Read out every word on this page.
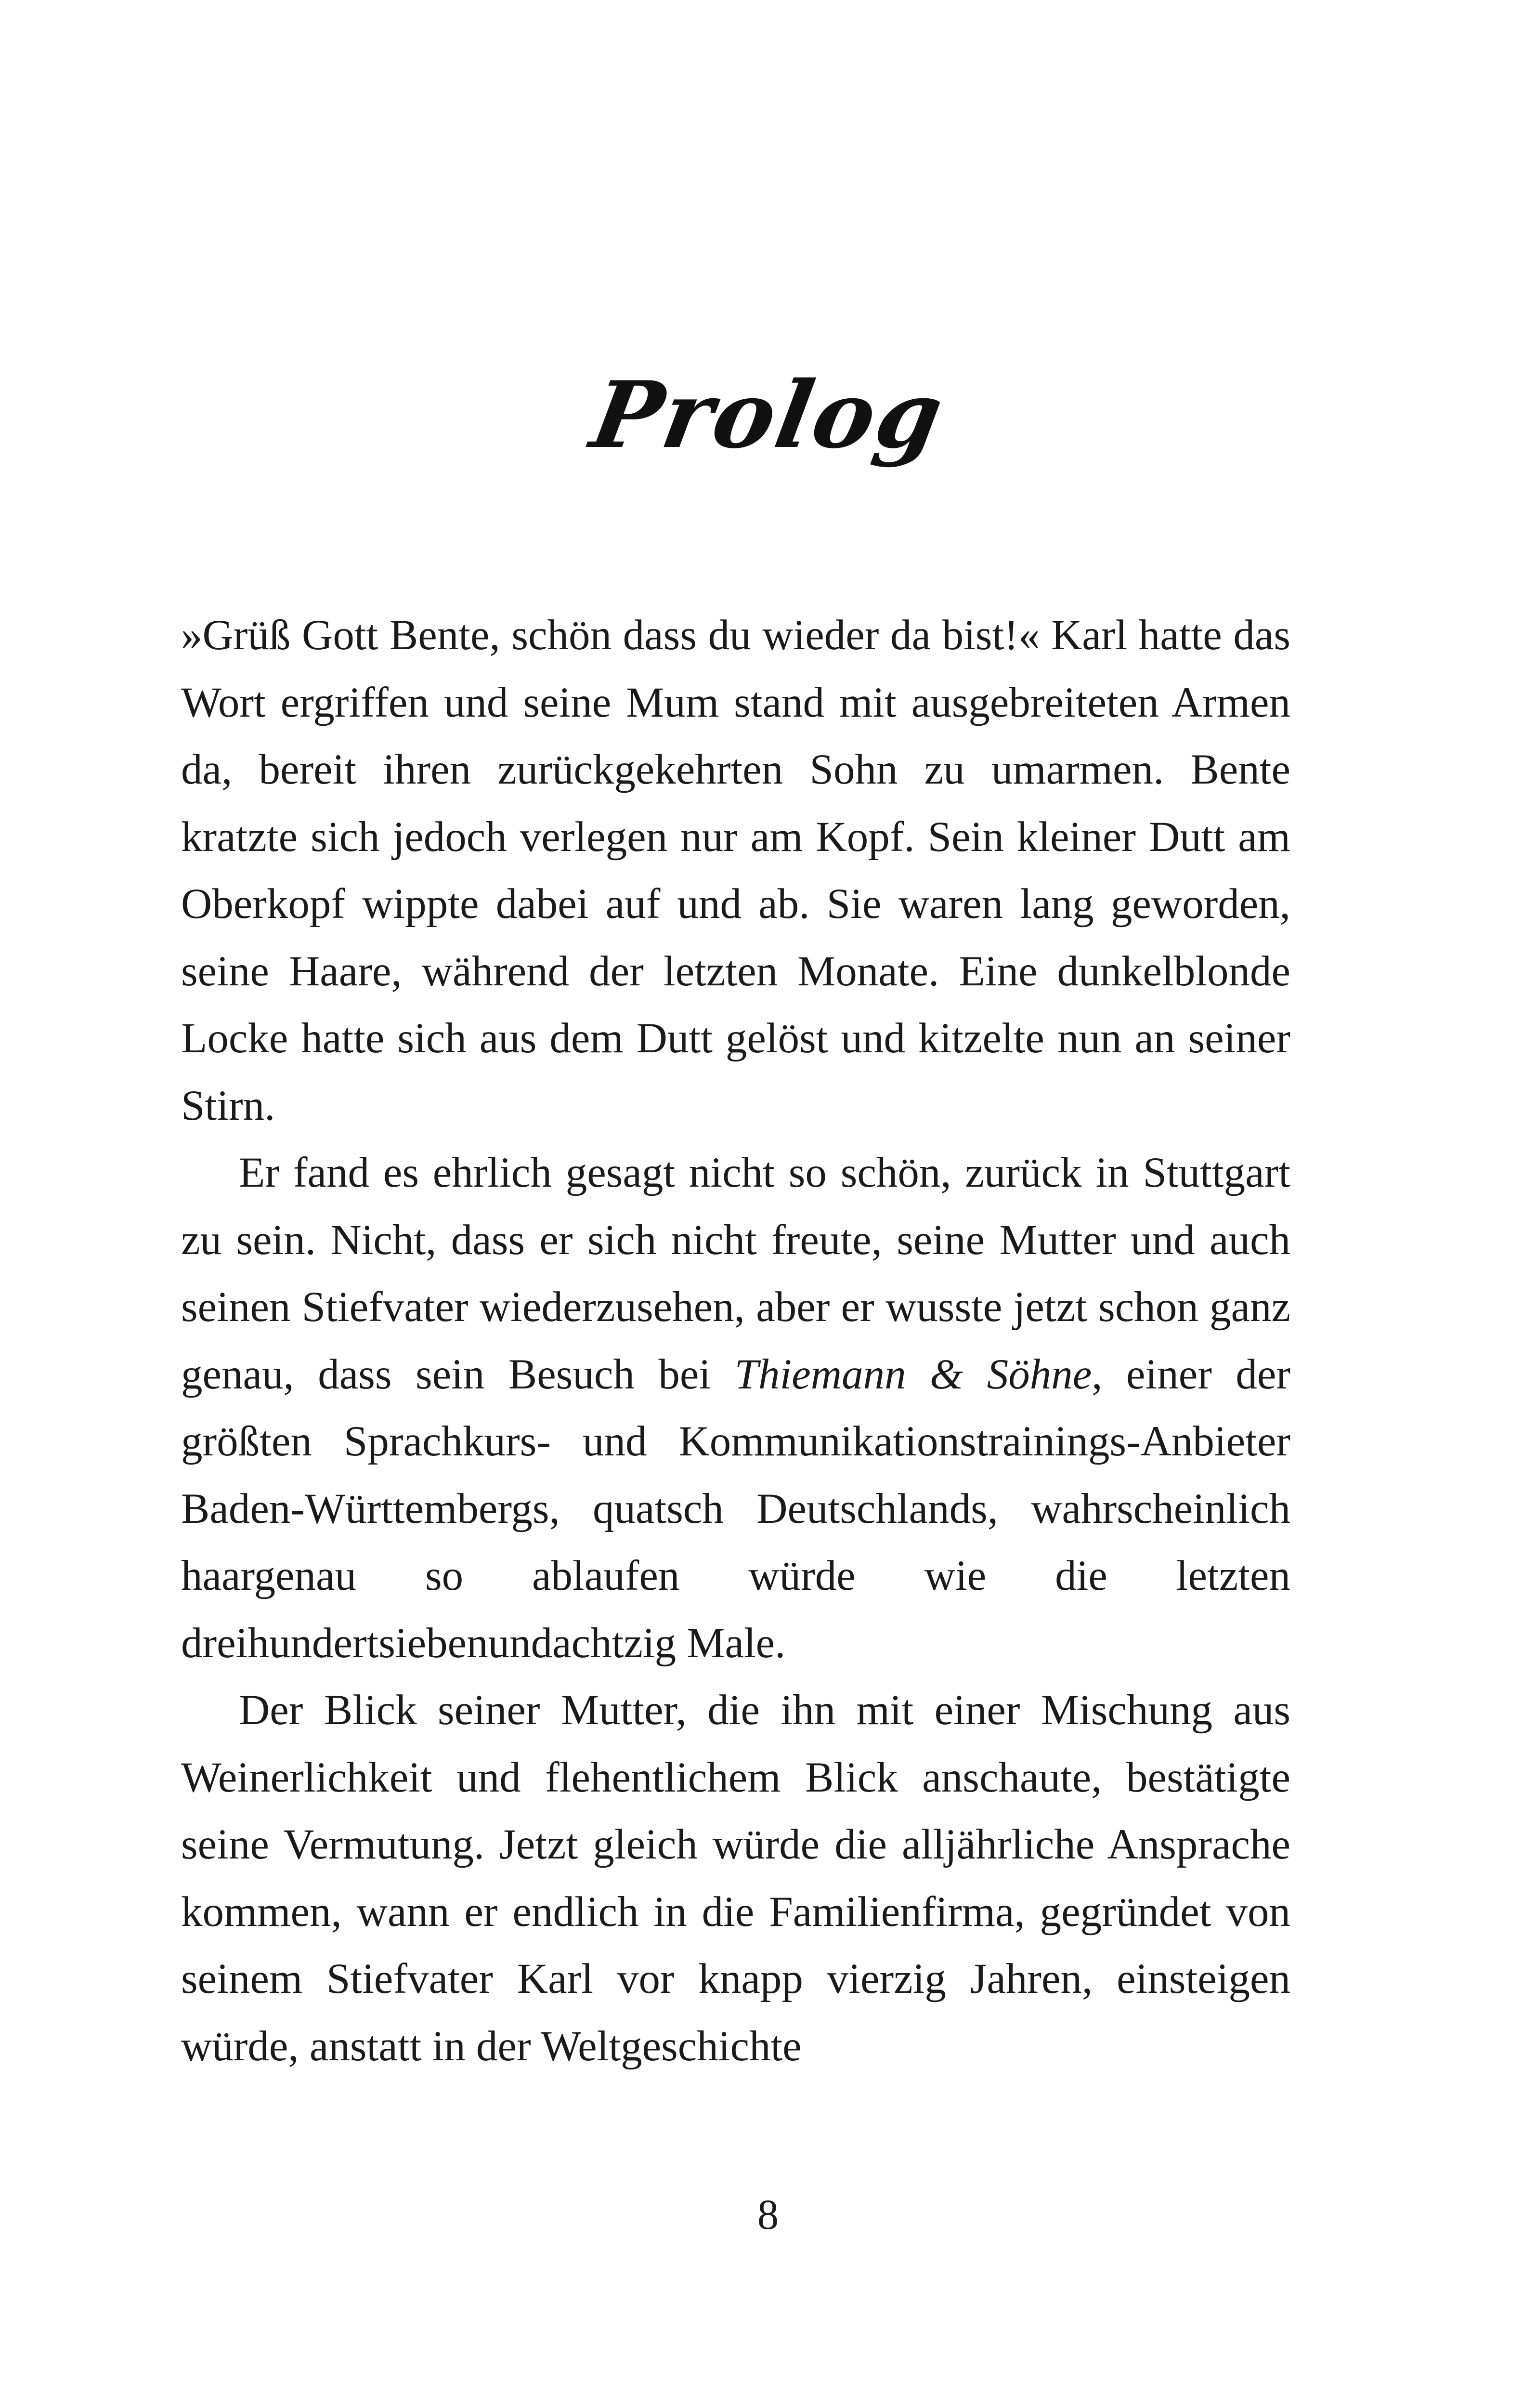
Prolog

»Grüß Gott Bente, schön dass du wieder da bist!« Karl hatte das Wort ergriffen und seine Mum stand mit ausgebreiteten Armen da, bereit ihren zurückgekehrten Sohn zu umarmen. Bente kratzte sich jedoch verlegen nur am Kopf. Sein kleiner Dutt am Oberkopf wippte dabei auf und ab. Sie waren lang geworden, seine Haare, während der letzten Monate. Eine dunkelblonde Locke hatte sich aus dem Dutt gelöst und kitzelte nun an seiner Stirn.

Er fand es ehrlich gesagt nicht so schön, zurück in Stuttgart zu sein. Nicht, dass er sich nicht freute, seine Mutter und auch seinen Stiefvater wiederzusehen, aber er wusste jetzt schon ganz genau, dass sein Besuch bei Thiemann & Söhne, einer der größten Sprachkurs- und Kommunikationstrainings-Anbieter Baden-Württembergs, quatsch Deutschlands, wahrscheinlich haargenau so ablaufen würde wie die letzten dreihundertsiebenundachtzig Male.

Der Blick seiner Mutter, die ihn mit einer Mischung aus Weinerlichkeit und flehentlichem Blick anschaute, bestätigte seine Vermutung. Jetzt gleich würde die alljährliche Ansprache kommen, wann er endlich in die Familienfirma, gegründet von seinem Stiefvater Karl vor knapp vierzig Jahren, einsteigen würde, anstatt in der Weltgeschichte

8
